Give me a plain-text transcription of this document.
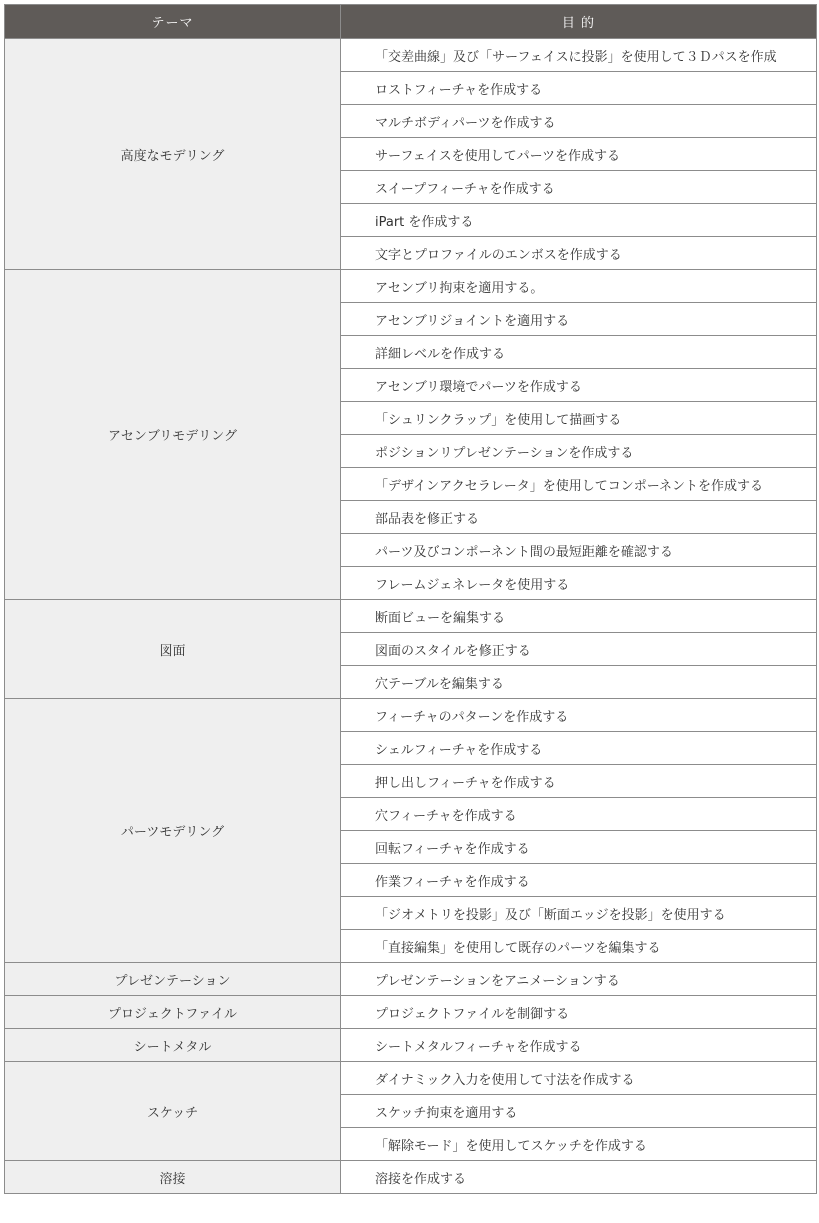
テーマ	目 的
高度なモデリング	「交差曲線」及び「サーフェイスに投影」を使用して３Ｄパスを作成
	ロストフィーチャを作成する
	マルチボディパーツを作成する
	サーフェイスを使用してパーツを作成する
	スイープフィーチャを作成する
	iPart を作成する
	文字とプロファイルのエンボスを作成する
アセンブリモデリング	アセンブリ拘束を適用する。
	アセンブリジョイントを適用する
	詳細レベルを作成する
	アセンブリ環境でパーツを作成する
	「シュリンクラップ」を使用して描画する
	ポジションリプレゼンテーションを作成する
	「デザインアクセラレータ」を使用してコンポーネントを作成する
	部品表を修正する
	パーツ及びコンポーネント間の最短距離を確認する
	フレームジェネレータを使用する
図面	断面ビューを編集する
	図面のスタイルを修正する
	穴テーブルを編集する
パーツモデリング	フィーチャのパターンを作成する
	シェルフィーチャを作成する
	押し出しフィーチャを作成する
	穴フィーチャを作成する
	回転フィーチャを作成する
	作業フィーチャを作成する
	「ジオメトリを投影」及び「断面エッジを投影」を使用する
	「直接編集」を使用して既存のパーツを編集する
プレゼンテーション	プレゼンテーションをアニメーションする
プロジェクトファイル	プロジェクトファイルを制御する
シートメタル	シートメタルフィーチャを作成する
スケッチ	ダイナミック入力を使用して寸法を作成する
	スケッチ拘束を適用する
	「解除モード」を使用してスケッチを作成する
溶接	溶接を作成する
